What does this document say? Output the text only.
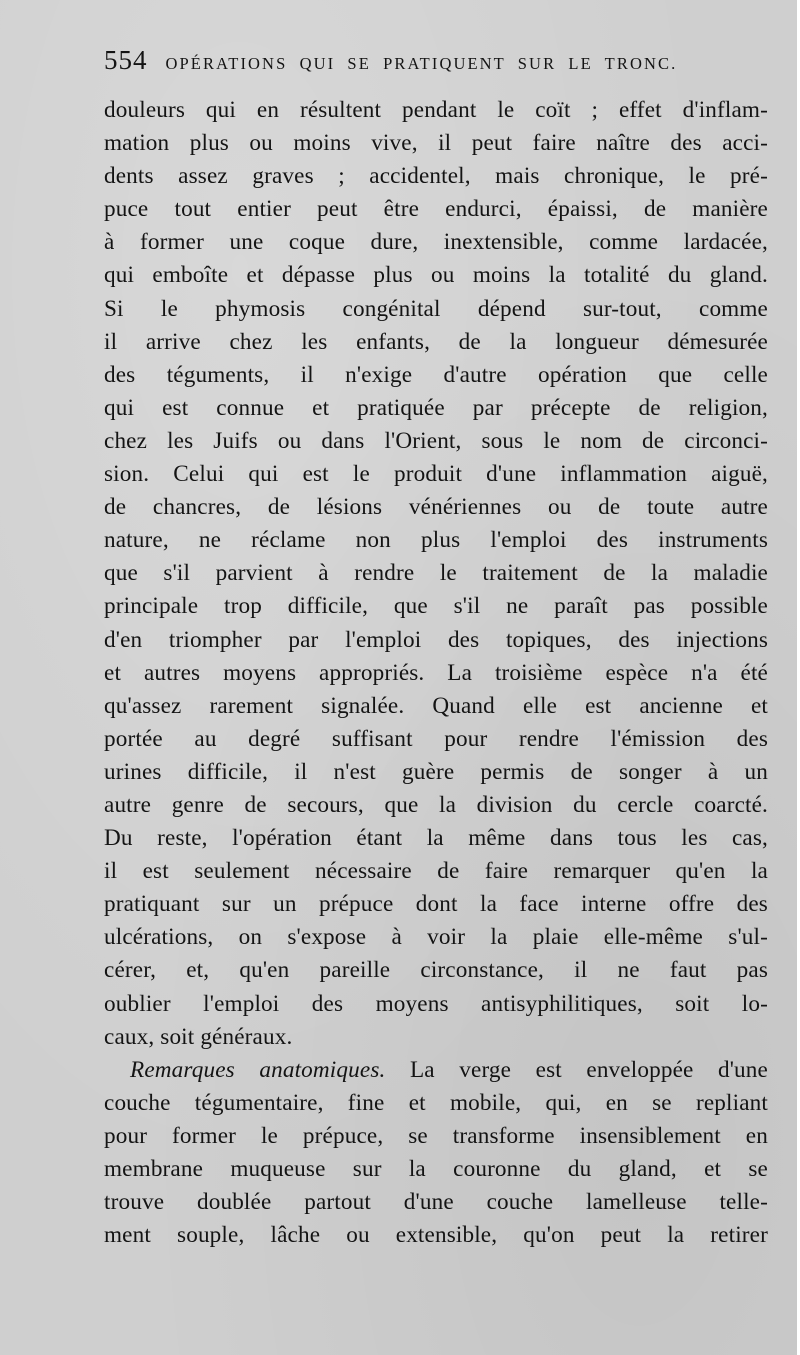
554 OPÉRATIONS QUI SE PRATIQUENT SUR LE TRONC.
douleurs qui en résultent pendant le coït ; effet d'inflam-
mation plus ou moins vive, il peut faire naître des acci-
dents assez graves ; accidentel, mais chronique, le pré-
puce tout entier peut être endurci, épaissi, de manière
à former une coque dure, inextensible, comme lardacée,
qui emboîte et dépasse plus ou moins la totalité du gland.
Si le phymosis congénital dépend sur-tout, comme
il arrive chez les enfants, de la longueur démesurée
des téguments, il n'exige d'autre opération que celle
qui est connue et pratiquée par précepte de religion,
chez les Juifs ou dans l'Orient, sous le nom de circonci-
sion. Celui qui est le produit d'une inflammation aiguë,
de chancres, de lésions vénériennes ou de toute autre
nature, ne réclame non plus l'emploi des instruments
que s'il parvient à rendre le traitement de la maladie
principale trop difficile, que s'il ne paraît pas possible
d'en triompher par l'emploi des topiques, des injections
et autres moyens appropriés. La troisième espèce n'a été
qu'assez rarement signalée. Quand elle est ancienne et
portée au degré suffisant pour rendre l'émission des
urines difficile, il n'est guère permis de songer à un
autre genre de secours, que la division du cercle coarcté.
Du reste, l'opération étant la même dans tous les cas,
il est seulement nécessaire de faire remarquer qu'en la
pratiquant sur un prépuce dont la face interne offre des
ulcérations, on s'expose à voir la plaie elle-même s'ul-
cérer, et, qu'en pareille circonstance, il ne faut pas
oublier l'emploi des moyens antisyphilitiques, soit lo-
caux, soit généraux.
Remarques anatomiques. La verge est enveloppée d'une
couche tégumentaire, fine et mobile, qui, en se repliant
pour former le prépuce, se transforme insensiblement en
membrane muqueuse sur la couronne du gland, et se
trouve doublée partout d'une couche lamelleuse telle-
ment souple, lâche ou extensible, qu'on peut la retirer
